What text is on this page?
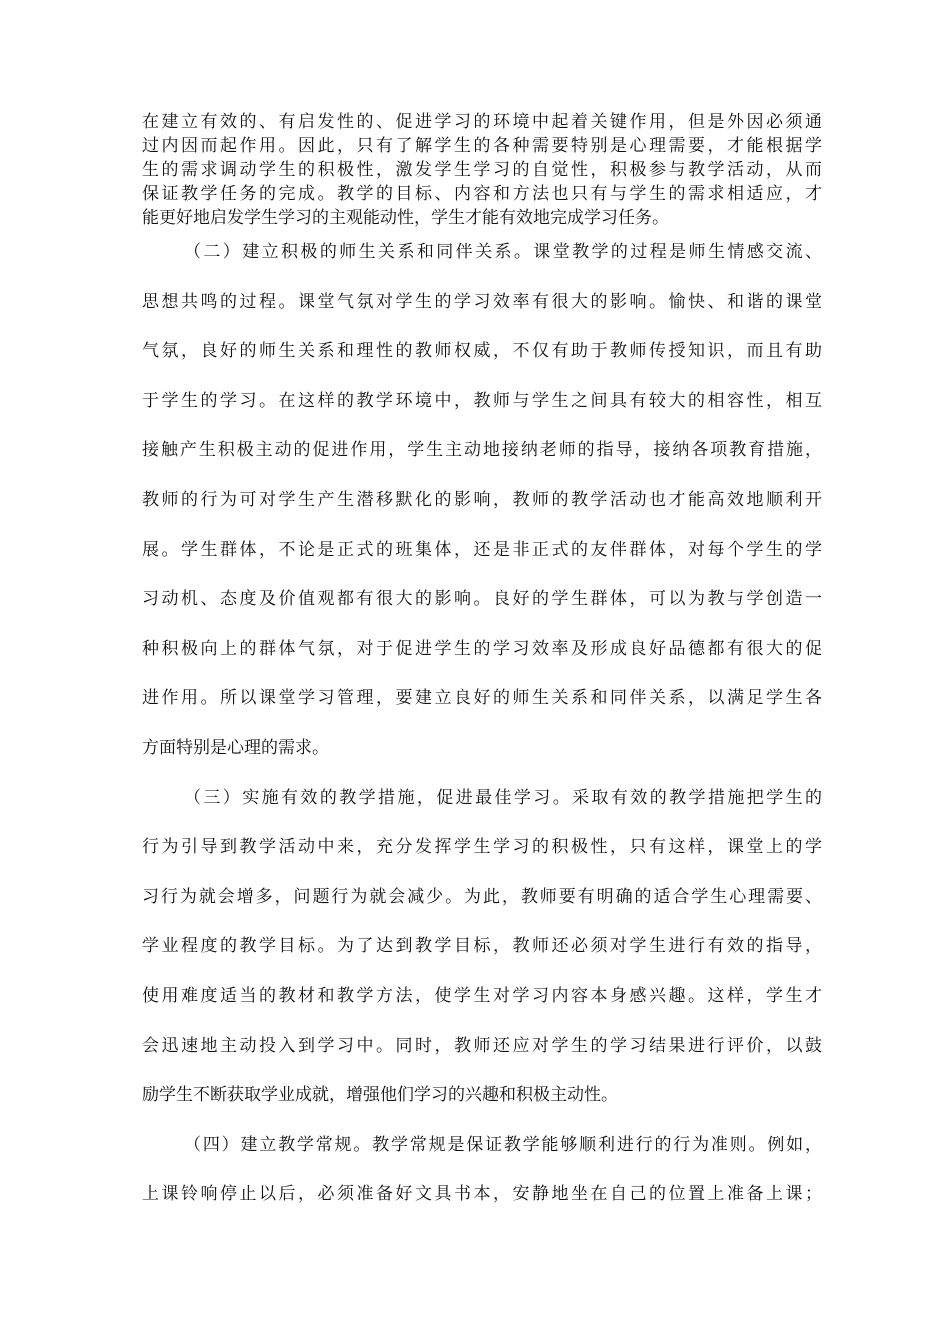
在建立有效的、有启发性的、促进学习的环境中起着关键作用，但是外因必须通
过内因而起作用。因此，只有了解学生的各种需要特别是心理需要，才能根据学
生的需求调动学生的积极性，激发学生学习的自觉性，积极参与教学活动，从而
保证教学任务的完成。教学的目标、内容和方法也只有与学生的需求相适应，才
能更好地启发学生学习的主观能动性，学生才能有效地完成学习任务。
（二）建立积极的师生关系和同伴关系。课堂教学的过程是师生情感交流、
思想共鸣的过程。课堂气氛对学生的学习效率有很大的影响。愉快、和谐的课堂
气氛，良好的师生关系和理性的教师权威，不仅有助于教师传授知识，而且有助
于学生的学习。在这样的教学环境中，教师与学生之间具有较大的相容性，相互
接触产生积极主动的促进作用，学生主动地接纳老师的指导，接纳各项教育措施，
教师的行为可对学生产生潜移默化的影响，教师的教学活动也才能高效地顺利开
展。学生群体，不论是正式的班集体，还是非正式的友伴群体，对每个学生的学
习动机、态度及价值观都有很大的影响。良好的学生群体，可以为教与学创造一
种积极向上的群体气氛，对于促进学生的学习效率及形成良好品德都有很大的促
进作用。所以课堂学习管理，要建立良好的师生关系和同伴关系，以满足学生各
方面特别是心理的需求。
（三）实施有效的教学措施，促进最佳学习。采取有效的教学措施把学生的
行为引导到教学活动中来，充分发挥学生学习的积极性，只有这样，课堂上的学
习行为就会增多，问题行为就会减少。为此，教师要有明确的适合学生心理需要、
学业程度的教学目标。为了达到教学目标，教师还必须对学生进行有效的指导，
使用难度适当的教材和教学方法，使学生对学习内容本身感兴趣。这样，学生才
会迅速地主动投入到学习中。同时，教师还应对学生的学习结果进行评价，以鼓
励学生不断获取学业成就，增强他们学习的兴趣和积极主动性。
（四）建立教学常规。教学常规是保证教学能够顺利进行的行为准则。例如，
上课铃响停止以后，必须准备好文具书本，安静地坐在自己的位置上准备上课；
